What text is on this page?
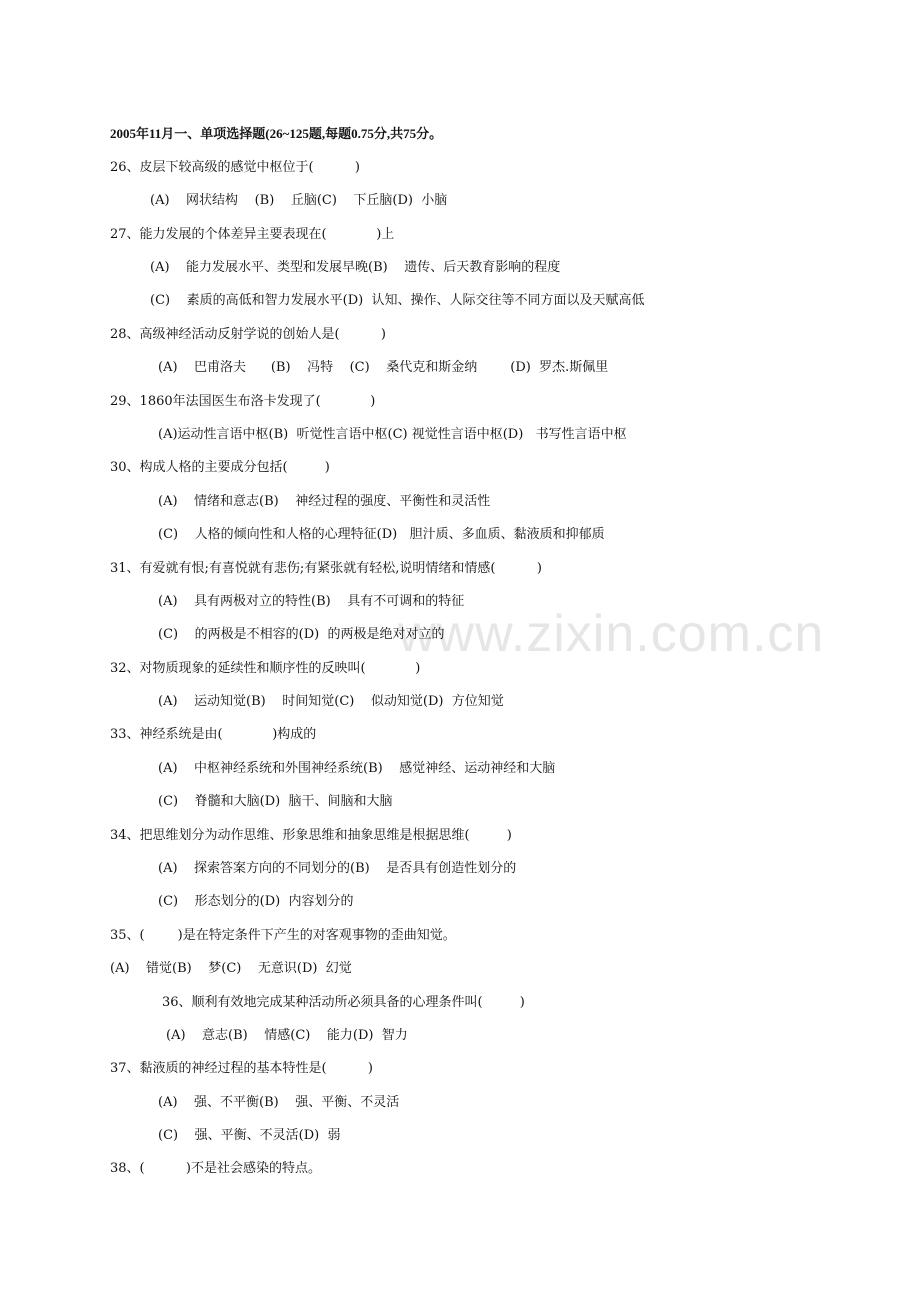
www.zixin.com.cn
2005年11月一、单项选择题(26~125题,每题0.75分,共75分。
26、皮层下较高级的感觉中枢位于(          )
(A)    网状结构    (B)    丘脑(C)    下丘脑(D)  小脑
27、能力发展的个体差异主要表现在(            )上
(A)    能力发展水平、类型和发展早晚(B)    遗传、后天教育影响的程度
(C)    素质的高低和智力发展水平(D)  认知、操作、人际交往等不同方面以及天赋高低
28、高级神经活动反射学说的创始人是(          )
(A)    巴甫洛夫      (B)    冯特    (C)    桑代克和斯金纳        (D)  罗杰.斯佩里
29、1860年法国医生布洛卡发现了(            )
(A)运动性言语中枢(B)  听觉性言语中枢(C) 视觉性言语中枢(D)   书写性言语中枢
30、构成人格的主要成分包括(         )
(A)    情绪和意志(B)    神经过程的强度、平衡性和灵活性
(C)    人格的倾向性和人格的心理特征(D)   胆汁质、多血质、黏液质和抑郁质
31、有爱就有恨;有喜悦就有悲伤;有紧张就有轻松,说明情绪和情感(          )
(A)    具有两极对立的特性(B)    具有不可调和的特征
(C)    的两极是不相容的(D)  的两极是绝对对立的
32、对物质现象的延续性和顺序性的反映叫(            )
(A)    运动知觉(B)    时间知觉(C)    似动知觉(D)  方位知觉
33、神经系统是由(            )构成的
(A)    中枢神经系统和外围神经系统(B)    感觉神经、运动神经和大脑
(C)    脊髓和大脑(D)  脑干、间脑和大脑
34、把思维划分为动作思维、形象思维和抽象思维是根据思维(         )
(A)    探索答案方向的不同划分的(B)    是否具有创造性划分的
(C)    形态划分的(D)  内容划分的
35、(        )是在特定条件下产生的对客观事物的歪曲知觉。
(A)    错觉(B)    梦(C)    无意识(D)  幻觉
36、顺利有效地完成某种活动所必须具备的心理条件叫(         )
(A)    意志(B)    情感(C)    能力(D)  智力
37、黏液质的神经过程的基本特性是(          )
(A)    强、不平衡(B)    强、平衡、不灵活
(C)    强、平衡、不灵活(D)  弱
38、(          )不是社会感染的特点。
